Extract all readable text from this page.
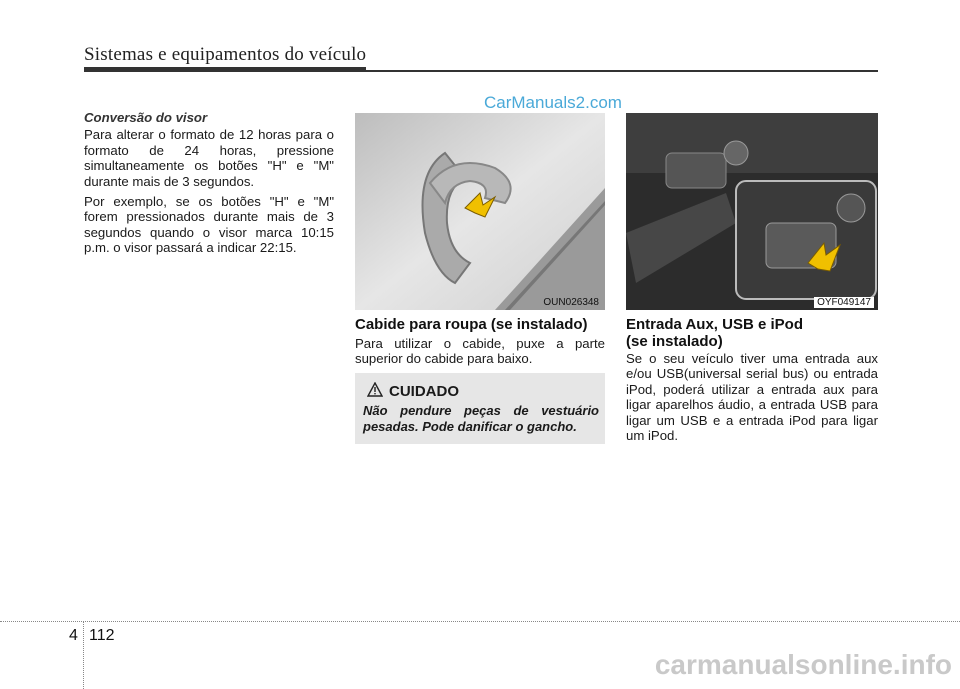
Sistemas e equipamentos do veículo
CarManuals2.com
Conversão do visor

Para alterar o formato de 12 horas para o formato de 24 horas, pressione simultaneamente os botões "H" e "M" durante mais de 3 segundos.

Por exemplo, se os botões "H" e "M" forem pressionados durante mais de 3 segundos quando o visor marca 10:15 p.m. o visor passará a indicar 22:15.

OUN026348	OYF049147
Cabide para roupa (se instalado)
Para utilizar o cabide, puxe a parte superior do cabide para baixo.
CUIDADO
Não pendure peças de vestuário pesadas. Pode danificar o gancho.
Entrada Aux, USB e iPod
(se instalado)
Se o seu veículo tiver uma entrada aux e/ou USB(universal serial bus) ou entrada iPod, poderá utilizar a entrada aux para ligar aparelhos áudio, a entrada USB para ligar um USB e a entrada iPod para ligar um iPod.
4 112
carmanualsonline.info
